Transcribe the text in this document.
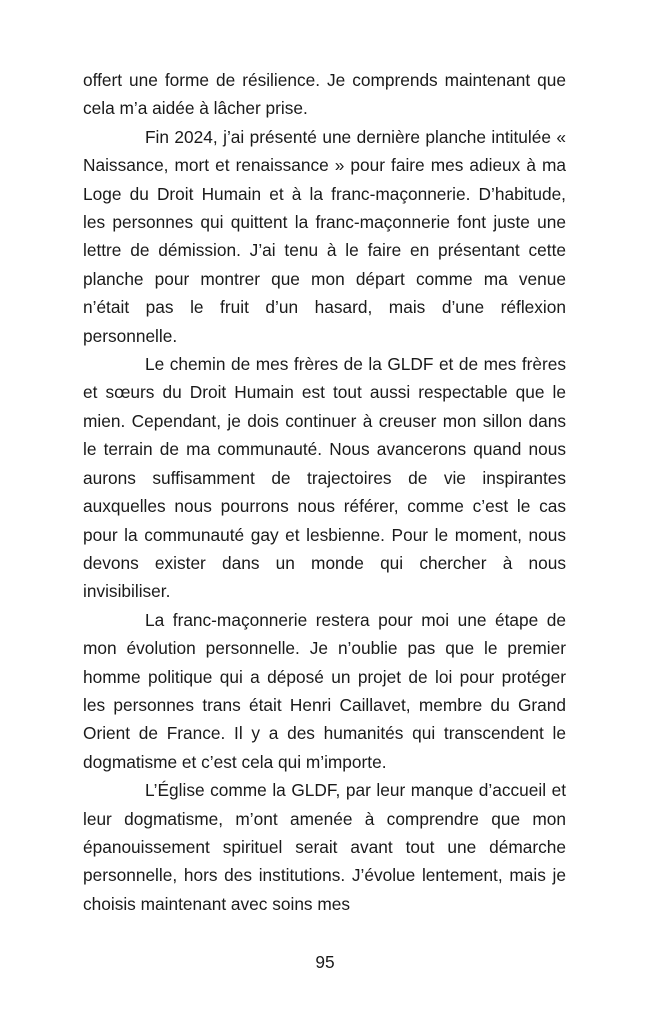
offert une forme de résilience. Je comprends maintenant que cela m’a aidée à lâcher prise.

Fin 2024, j’ai présenté une dernière planche intitulée « Naissance, mort et renaissance » pour faire mes adieux à ma Loge du Droit Humain et à la franc-maçonnerie. D’habitude, les personnes qui quittent la franc-maçonnerie font juste une lettre de démission. J’ai tenu à le faire en présentant cette planche pour montrer que mon départ comme ma venue n’était pas le fruit d’un hasard, mais d’une réflexion personnelle.

Le chemin de mes frères de la GLDF et de mes frères et sœurs du Droit Humain est tout aussi respectable que le mien. Cependant, je dois continuer à creuser mon sillon dans le terrain de ma communauté. Nous avancerons quand nous aurons suffisamment de trajectoires de vie inspirantes auxquelles nous pourrons nous référer, comme c’est le cas pour la communauté gay et lesbienne. Pour le moment, nous devons exister dans un monde qui chercher à nous invisibiliser.

La franc-maçonnerie restera pour moi une étape de mon évolution personnelle. Je n’oublie pas que le premier homme politique qui a déposé un projet de loi pour protéger les personnes trans était Henri Caillavet, membre du Grand Orient de France. Il y a des humanités qui transcendent le dogmatisme et c’est cela qui m’importe.

L’Église comme la GLDF, par leur manque d’accueil et leur dogmatisme, m’ont amenée à comprendre que mon épanouissement spirituel serait avant tout une démarche personnelle, hors des institutions. J’évolue lentement, mais je choisis maintenant avec soins mes

95
